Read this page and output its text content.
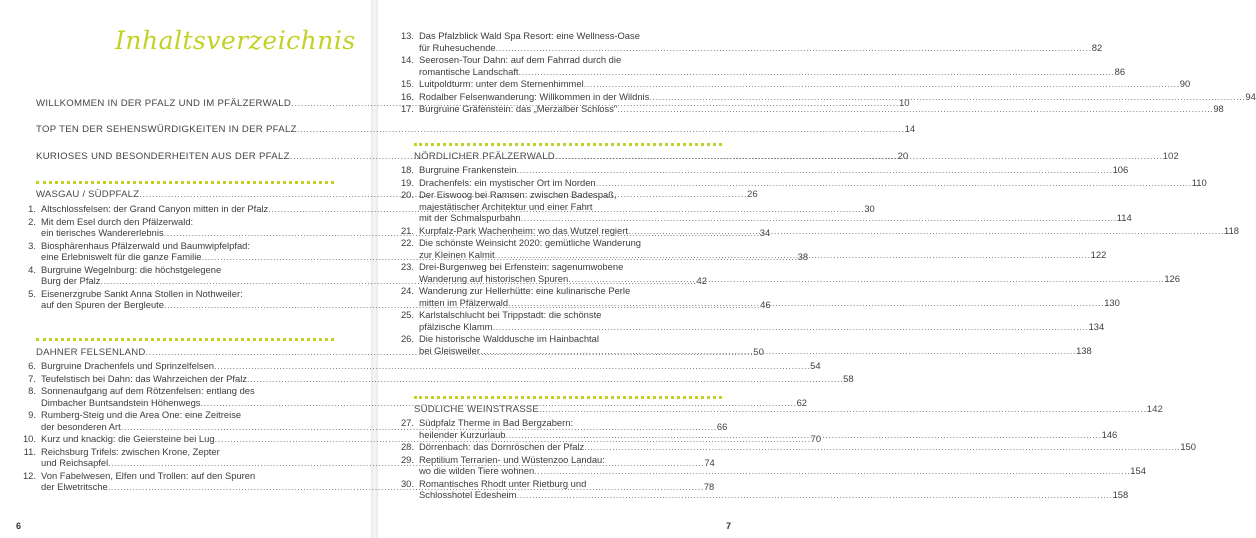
Inhaltsverzeichnis
WILLKOMMEN IN DER PFALZ UND IM PFÄLZERWALD .....	10
TOP TEN DER SEHENSWÜRDIGKEITEN IN DER PFALZ .....	14
KURIOSES UND BESONDERHEITEN AUS DER PFALZ .....	20
WASGAU / SÜDPFALZ .....	26
1. Altschlossfelsen: der Grand Canyon mitten in der Pfalz .....	30
2. Mit dem Esel durch den Pfälzerwald:
ein tierisches Wandererlebnis .....	34
3. Biosphärenhaus Pfälzerwald und Baumwipfelpfad:
eine Erlebniswelt für die ganze Familie .....	38
4. Burgruine Wegelnburg: die höchstgelegene
Burg der Pfalz .....	42
5. Eisenerzgrube Sankt Anna Stollen in Nothweiler:
auf den Spuren der Bergleute .....	46
DAHNER FELSENLAND .....	50
6. Burgruine Drachenfels und Sprinzelfelsen .....	54
7. Teufelstisch bei Dahn: das Wahrzeichen der Pfalz .....	58
8. Sonnenaufgang auf dem Rötzenfelsen: entlang des
Dimbacher Buntsandstein Höhenwegs .....	62
9. Rumberg-Steig und die Area One: eine Zeitreise
der besonderen Art .....	66
10. Kurz und knackig: die Geiersteine bei Lug .....	70
11. Reichsburg Trifels: zwischen Krone, Zepter
und Reichsapfel .....	74
12. Von Fabelwesen, Elfen und Trollen: auf den Spuren
der Elwetritsche .....	78
6
13. Das Pfalzblick Wald Spa Resort: eine Wellness-Oase
für Ruhesuchende .....	82
14. Seerosen-Tour Dahn: auf dem Fahrrad durch die
romantische Landschaft .....	86
15. Luitpoldturm: unter dem Sternenhimmel .....	90
16. Rodalber Felsenwanderung: Willkommen in der Wildnis .....	94
17. Burgruine Gräfenstein: das „Merzalber Schloss" .....	98
NÖRDLICHER PFÄLZERWALD .....	102
18. Burgruine Frankenstein .....	106
19. Drachenfels: ein mystischer Ort im Norden .....	110
20. Der Eiswoog bei Ramsen: zwischen Badespaß,
majestätischer Architektur und einer Fahrt
mit der Schmalspurbahn .....	114
21. Kurpfalz-Park Wachenheim: wo das Wutzel regiert .....	118
22. Die schönste Weinsicht 2020: gemütliche Wanderung
zur Kleinen Kalmit .....	122
23. Drei-Burgenweg bei Erfenstein: sagenumwobene
Wanderung auf historischen Spuren .....	126
24. Wanderung zur Hellerhütte: eine kulinarische Perle
mitten im Pfälzerwald .....	130
25. Karlstalschlucht bei Trippstadt: die schönste
pfälzische Klamm .....	134
26. Die historische Walddusche im Hainbachtal
bei Gleisweiler .....	138
SÜDLICHE WEINSTRASSE .....	142
27. Südpfalz Therme in Bad Bergzabern:
heilender Kurzurlaub .....	146
28. Dörrenbach: das Dornröschen der Pfalz .....	150
29. Reptilium Terrarien- und Wüstenzoo Landau:
wo die wilden Tiere wohnen .....	154
30. Romantisches Rhodt unter Rietburg und
Schlosshotel Edesheim .....	158
7
